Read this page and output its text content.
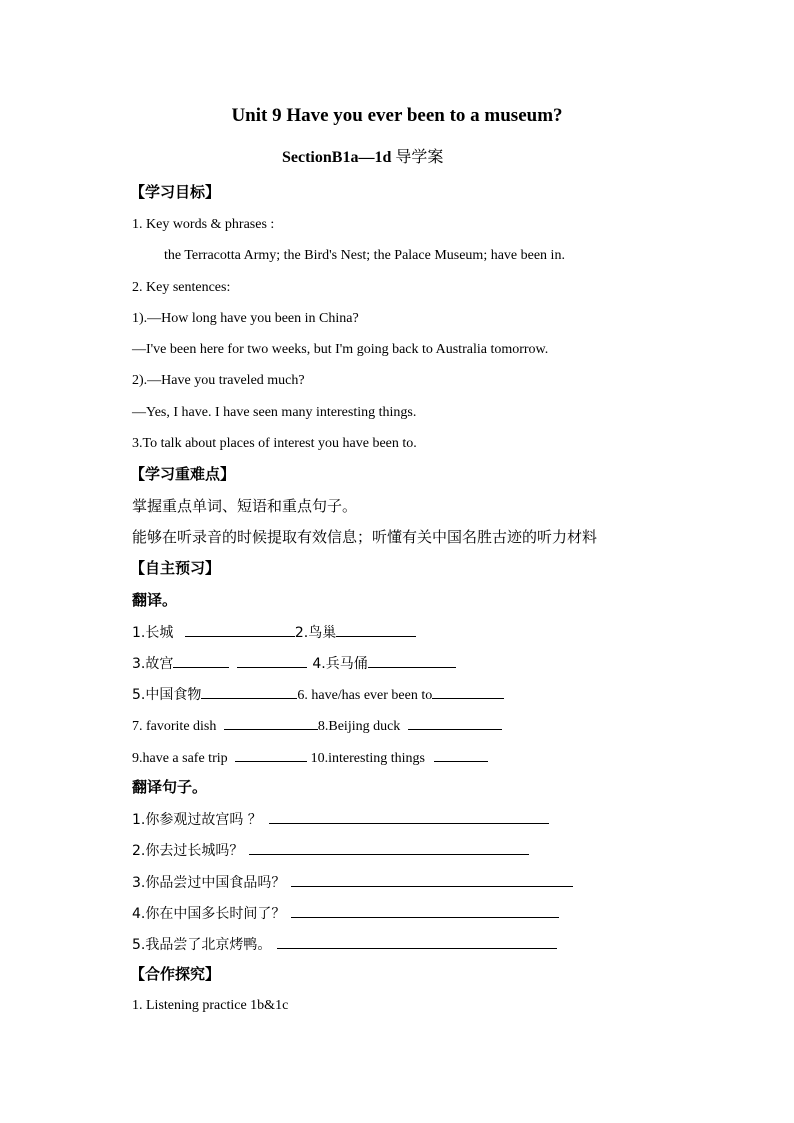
Unit 9 Have you ever been to a museum?
SectionB1a—1d 导学案
【学习目标】
1. Key words & phrases :
the Terracotta Army; the Bird's Nest; the Palace Museum; have been in.
2. Key sentences:
1).—How long have you been in China?
—I've been here for two weeks, but I'm going back to Australia tomorrow.
2).—Have you traveled much?
—Yes, I have. I have seen many interesting things.
3.To talk about places of interest you have been to.
【学习重难点】
掌握重点单词、短语和重点句子。
能够在听录音的时候提取有效信息；听懂有关中国名胜古迹的听力材料
【自主预习】
翻译。
1.长城	2.鸟巢
3.故宫	4.兵马俑
5.中国食物	6. have/has ever been to
7. favorite dish	8.Beijing duck
9.have a safe trip	10.interesting things
翻译句子。
1.你参观过故宫吗 ？
2.你去过长城吗？
3.你品尝过中国食品吗？
4.你在中国多长时间了？
5.我品尝了北京烤鸭。
【合作探究】
1. Listening practice 1b&1c
